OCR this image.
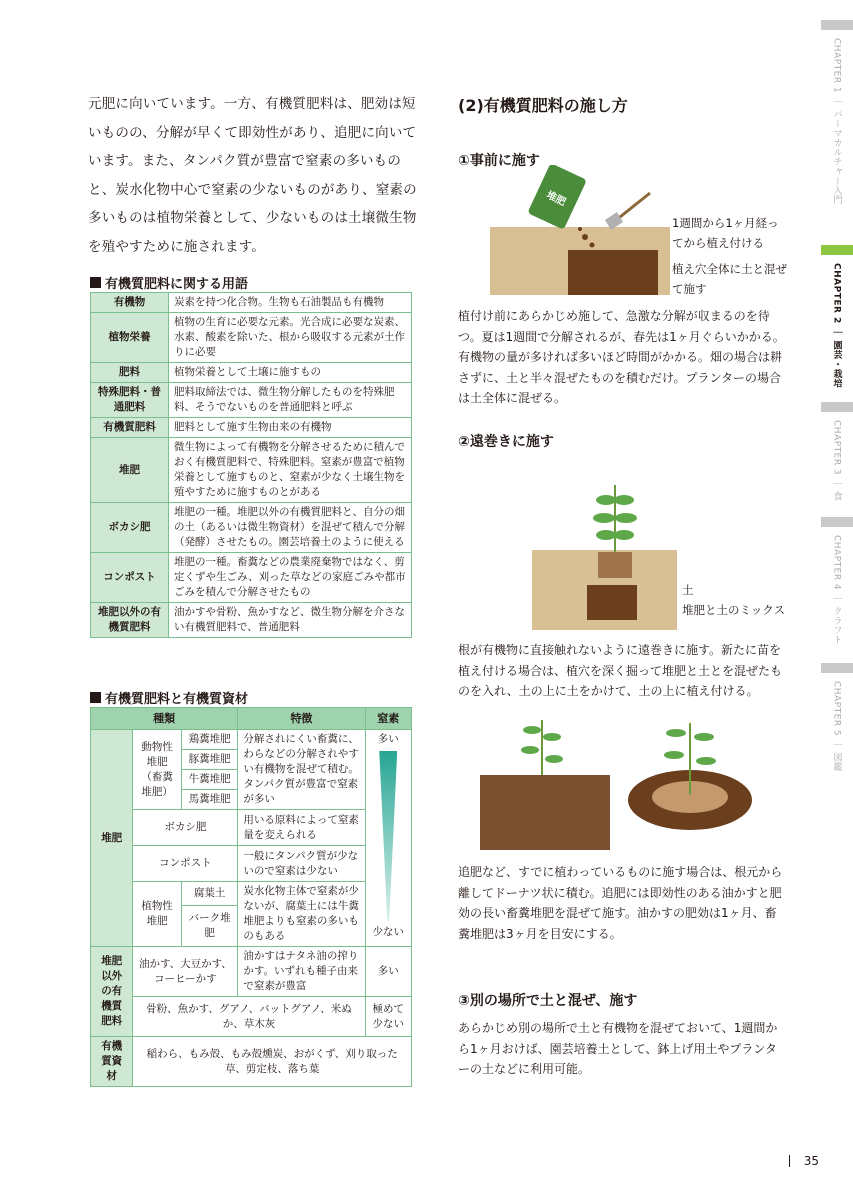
元肥に向いています。一方、有機質肥料は、肥効は短いものの、分解が早くて即効性があり、追肥に向いています。また、タンパク質が豊富で窒素の多いものと、炭水化物中心で窒素の少ないものがあり、窒素の多いものは植物栄養として、少ないものは土壌微生物を殖やすために施されます。
有機質肥料に関する用語
有機物	炭素を持つ化合物。生物も石油製品も有機物
植物栄養	植物の生育に必要な元素。光合成に必要な炭素、水素、酸素を除いた、根から吸収する元素が土作りに必要
肥料	植物栄養として土壌に施すもの
特殊肥料・普通肥料	肥料取締法では、微生物分解したものを特殊肥料、そうでないものを普通肥料と呼ぶ
有機質肥料	肥料として施す生物由来の有機物
堆肥	微生物によって有機物を分解させるために積んでおく有機質肥料で、特殊肥料。窒素が豊富で植物栄養として施すものと、窒素が少なく土壌生物を殖やすために施すものとがある
ボカシ肥	堆肥の一種。堆肥以外の有機質肥料と、自分の畑の土（あるいは微生物資材）を混ぜて積んで分解（発酵）させたもの。園芸培養土のように使える
コンポスト	堆肥の一種。畜糞などの農業廃棄物ではなく、剪定くずや生ごみ、刈った草などの家庭ごみや都市ごみを積んで分解させたもの
堆肥以外の有機質肥料	油かすや骨粉、魚かすなど、微生物分解を介さない有機質肥料で、普通肥料
有機質肥料と有機質資材
種類			特徴	窒素
堆肥	動物性堆肥（畜糞堆肥）	鶏糞堆肥	分解されにくい畜糞に、わらなどの分解されやすい有機物を混ぜて積む。タンパク質が豊富で窒素が多い	多い
少ない

		豚糞堆肥		
		牛糞堆肥		
		馬糞堆肥		
	ボカシ肥		用いる原料によって窒素量を変えられる	
	コンポスト		一般にタンパク質が少ないので窒素は少ない	
	植物性堆肥	腐葉土	炭水化物主体で窒素が少ないが、腐葉土には牛糞堆肥よりも窒素の多いものもある	
		バーク堆肥		
堆肥以外の有機質肥料	油かす、大豆かす、コーヒーかす		油かすはナタネ油の搾りかす。いずれも種子由来で窒素が豊富	多い
	骨粉、魚かす、グアノ、バットグアノ、米ぬか、草木灰			極めて少ない
有機質資材	稲わら、もみ殻、もみ殻燻炭、おがくず、刈り取った草、剪定枝、落ち葉			
(2)有機質肥料の施し方
①事前に施す
堆肥
1週間から1ヶ月経ってから植え付ける
植え穴全体に土と混ぜて施す
植付け前にあらかじめ施して、急激な分解が収まるのを待つ。夏は1週間で分解されるが、春先は1ヶ月ぐらいかかる。有機物の量が多ければ多いほど時間がかかる。畑の場合は耕さずに、土と半々混ぜたものを積むだけ。プランターの場合は土全体に混ぜる。
②遠巻きに施す
土
堆肥と土のミックス
根が有機物に直接触れないように遠巻きに施す。新たに苗を植え付ける場合は、植穴を深く掘って堆肥と土とを混ぜたものを入れ、土の上に土をかけて、土の上に植え付ける。
追肥など、すでに植わっているものに施す場合は、根元から離してドーナツ状に積む。追肥には即効性のある油かすと肥効の長い畜糞堆肥を混ぜて施す。油かすの肥効は1ヶ月、畜糞堆肥は3ヶ月を目安にする。
③別の場所で土と混ぜ、施す
あらかじめ別の場所で土と有機物を混ぜておいて、1週間から1ヶ月おけば、園芸培養土として、鉢上げ用土やプランターの土などに利用可能。
CHAPTER 1 ｜ パーマカルチャー入門
CHAPTER 2 ｜ 園芸・栽培
CHAPTER 3 ｜ 食
CHAPTER 4 ｜ クラフト
CHAPTER 5 ｜ 図鑑
35
